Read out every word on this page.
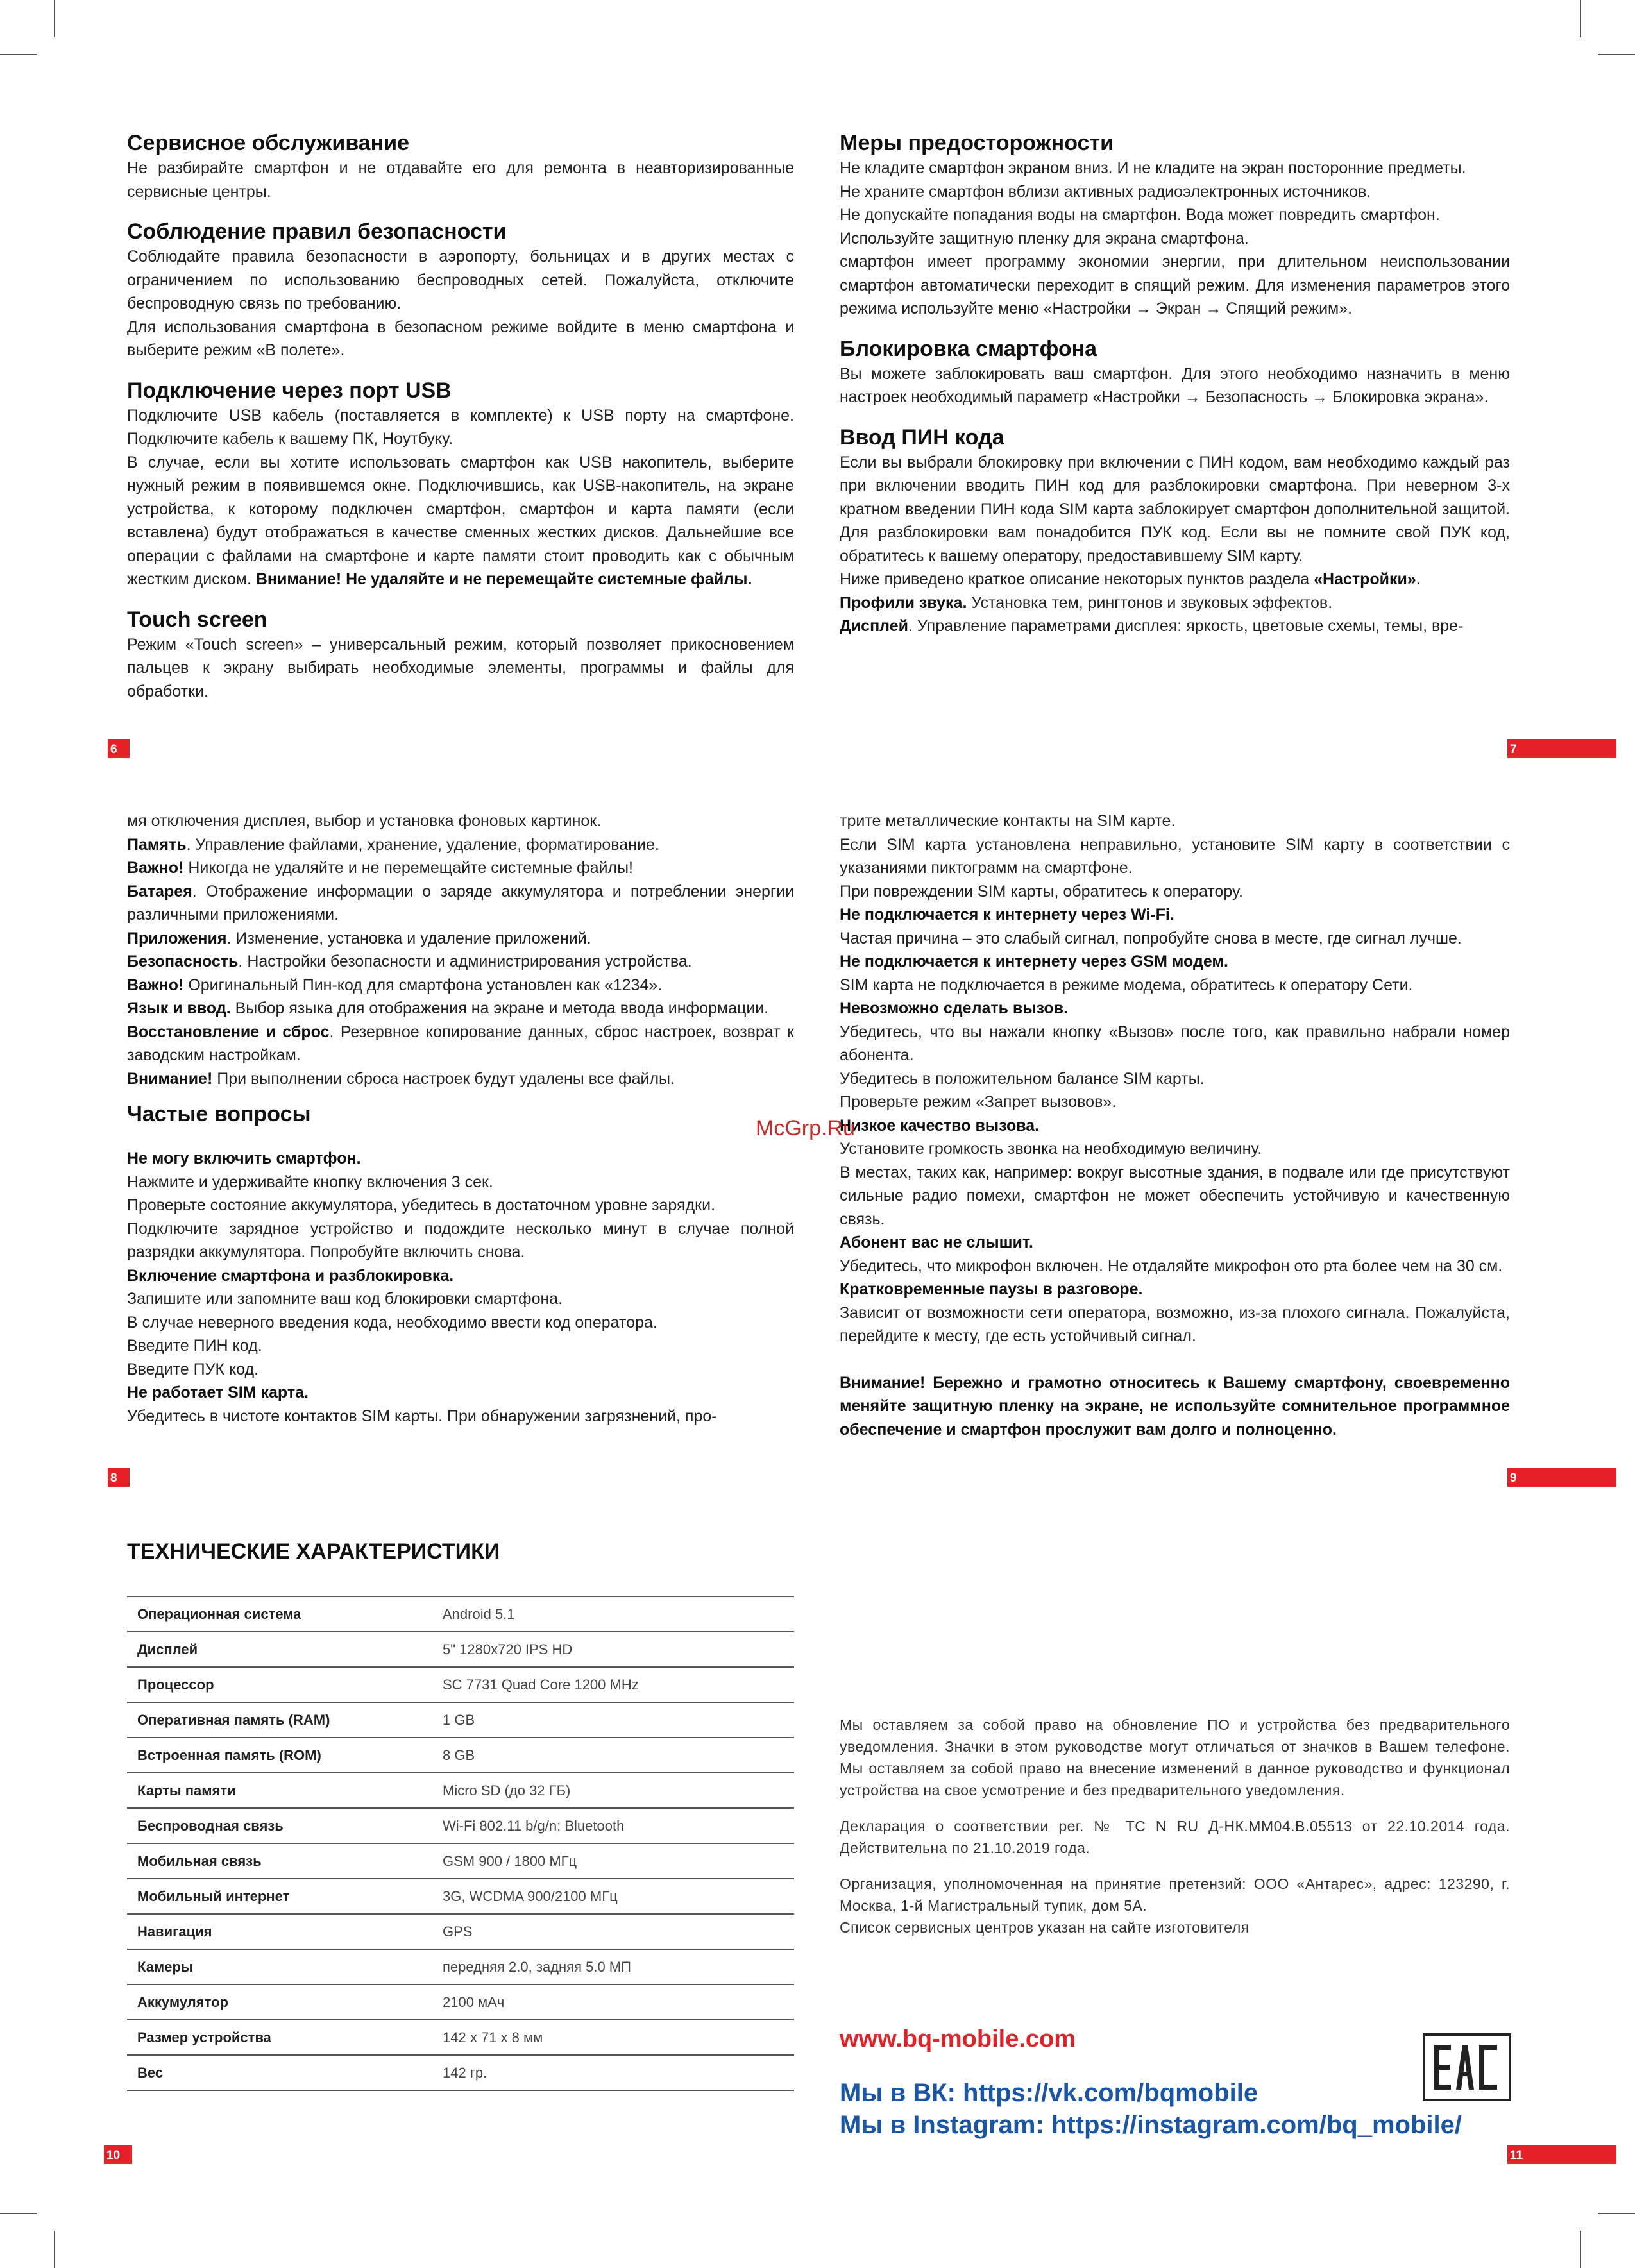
Сервисное обслуживание

Не разбирайте смартфон и не отдавайте его для ремонта в неавторизированные сервисные центры.

Соблюдение правил безопасности

Соблюдайте правила безопасности в аэропорту, больницах и в других местах с ограничением по использованию беспроводных сетей. Пожалуйста, отключите беспроводную связь по требованию.

Для использования смартфона в безопасном режиме войдите в меню смартфона и выберите режим «В полете».

Подключение через порт USB

Подключите USB кабель (поставляется в комплекте) к USB порту на смартфоне. Подключите кабель к вашему ПК, Ноутбуку.

В случае, если вы хотите использовать смартфон как USB накопитель, выберите нужный режим в появившемся окне. Подключившись, как USB-накопитель, на экране устройства, к которому подключен смартфон, смартфон и карта памяти (если вставлена) будут отображаться в качестве сменных жестких дисков. Дальнейшие все операции с файлами на смартфоне и карте памяти стоит проводить как с обычным жестким диском. Внимание! Не удаляйте и не перемещайте системные файлы.

Touch screen

Режим «Touch screen» – универсальный режим, который позволяет прикосновением пальцев к экрану выбирать необходимые элементы, программы и файлы для обработки.

6
Меры предосторожности

Не кладите смартфон экраном вниз. И не кладите на экран посторонние предметы.

Не храните смартфон вблизи активных радиоэлектронных источников.

Не допускайте попадания воды на смартфон. Вода может повредить смартфон.

Используйте защитную пленку для экрана смартфона.

смартфон имеет программу экономии энергии, при длительном неиспользовании смартфон автоматически переходит в спящий режим. Для изменения параметров этого режима используйте меню «Настройки → Экран → Спящий режим».

Блокировка смартфона

Вы можете заблокировать ваш смартфон. Для этого необходимо назначить в меню настроек необходимый параметр «Настройки → Безопасность → Блокировка экрана».

Ввод ПИН кода

Если вы выбрали блокировку при включении с ПИН кодом, вам необходимо каждый раз при включении вводить ПИН код для разблокировки смартфона. При неверном 3-х кратном введении ПИН кода SIM карта заблокирует смартфон дополнительной защитой. Для разблокировки вам понадобится ПУК код. Если вы не помните свой ПУК код, обратитесь к вашему оператору, предоставившему SIM карту.

Ниже приведено краткое описание некоторых пунктов раздела «Настройки».

Профили звука. Установка тем, рингтонов и звуковых эффектов.

Дисплей. Управление параметрами дисплея: яркость, цветовые схемы, темы, вре-

7

мя отключения дисплея, выбор и установка фоновых картинок.

Память. Управление файлами, хранение, удаление, форматирование.

Важно! Никогда не удаляйте и не перемещайте системные файлы!

Батарея. Отображение информации о заряде аккумулятора и потреблении энергии различными приложениями.

Приложения. Изменение, установка и удаление приложений.

Безопасность. Настройки безопасности и администрирования устройства.

Важно! Оригинальный Пин-код для смартфона установлен как «1234».

Язык и ввод. Выбор языка для отображения на экране и метода ввода информации.

Восстановление и сброс. Резервное копирование данных, сброс настроек, возврат к заводским настройкам.

Внимание! При выполнении сброса настроек будут удалены все файлы.

Частые вопросы

Не могу включить смартфон.

Нажмите и удерживайте кнопку включения 3 сек.

Проверьте состояние аккумулятора, убедитесь в достаточном уровне зарядки.

Подключите зарядное устройство и подождите несколько минут в случае полной разрядки аккумулятора. Попробуйте включить снова.

Включение смартфона и разблокировка.

Запишите или запомните ваш код блокировки смартфона.

В случае неверного введения кода, необходимо ввести код оператора.

Введите ПИН код.

Введите ПУК код.

Не работает SIM карта.

Убедитесь в чистоте контактов SIM карты. При обнаружении загрязнений, про-

8

трите металлические контакты на SIM карте.

Если SIM карта установлена неправильно, установите SIM карту в соответствии с указаниями пиктограмм на смартфоне.

При повреждении SIM карты, обратитесь к оператору.

Не подключается к интернету через Wi-Fi.

Частая причина – это слабый сигнал, попробуйте снова в месте, где сигнал лучше.

Не подключается к интернету через GSM модем.

SIM карта не подключается в режиме модема, обратитесь к оператору Сети.

Невозможно сделать вызов.

Убедитесь, что вы нажали кнопку «Вызов» после того, как правильно набрали номер абонента.

Убедитесь в положительном балансе SIM карты.

Проверьте режим «Запрет вызовов».

Низкое качество вызова.

Установите громкость звонка на необходимую величину.

В местах, таких как, например: вокруг высотные здания, в подвале или где присутствуют сильные радио помехи, смартфон не может обеспечить устойчивую и качественную связь.

Абонент вас не слышит.

Убедитесь, что микрофон включен. Не отдаляйте микрофон ото рта более чем на 30 см.

Кратковременные паузы в разговоре.

Зависит от возможности сети оператора, возможно, из-за плохого сигнала. Пожалуйста, перейдите к месту, где есть устойчивый сигнал.

Внимание! Бережно и грамотно относитесь к Вашему смартфону, своевременно меняйте защитную пленку на экране, не используйте сомнительное программное обеспечение и смартфон прослужит вам долго и полноценно.

9

McGrp.Ru

ТЕХНИЧЕСКИЕ ХАРАКТЕРИСТИКИ
Операционная система	Android 5.1
Дисплей	5" 1280x720 IPS HD
Процессор	SC 7731 Quad Core 1200 MHz
Оперативная память (RAM)	1 GB
Встроенная память (ROM)	8 GB
Карты памяти	Micro SD (до 32 ГБ)
Беспроводная связь	Wi-Fi 802.11 b/g/n; Bluetooth
Мобильная связь	GSM 900 / 1800 МГц
Мобильный интернет	3G, WCDMA 900/2100 МГц
Навигация	GPS
Камеры	передняя 2.0, задняя 5.0 МП
Аккумулятор	2100 мАч
Размер устройства	142 x 71 x 8 мм
Вес	142 гр.
10

Мы оставляем за собой право на обновление ПО и устройства без предварительного уведомления. Значки в этом руководстве могут отличаться от значков в Вашем телефоне. Мы оставляем за собой право на внесение изменений в данное руководство и функционал устройства на свое усмотрение и без предварительного уведомления.

Декларация о соответствии рег. № ТС N RU Д-НК.ММ04.В.05513 от 22.10.2014 года. Действительна по 21.10.2019 года.

Организация, уполномоченная на принятие претензий: ООО «Антарес», адрес: 123290, г. Москва, 1-й Магистральный тупик, дом 5А.
Список сервисных центров указан на сайте изготовителя

www.bq-mobile.com

Мы в ВК: https://vk.com/bqmobile
Мы в Instagram: https://instagram.com/bq_mobile/
11
